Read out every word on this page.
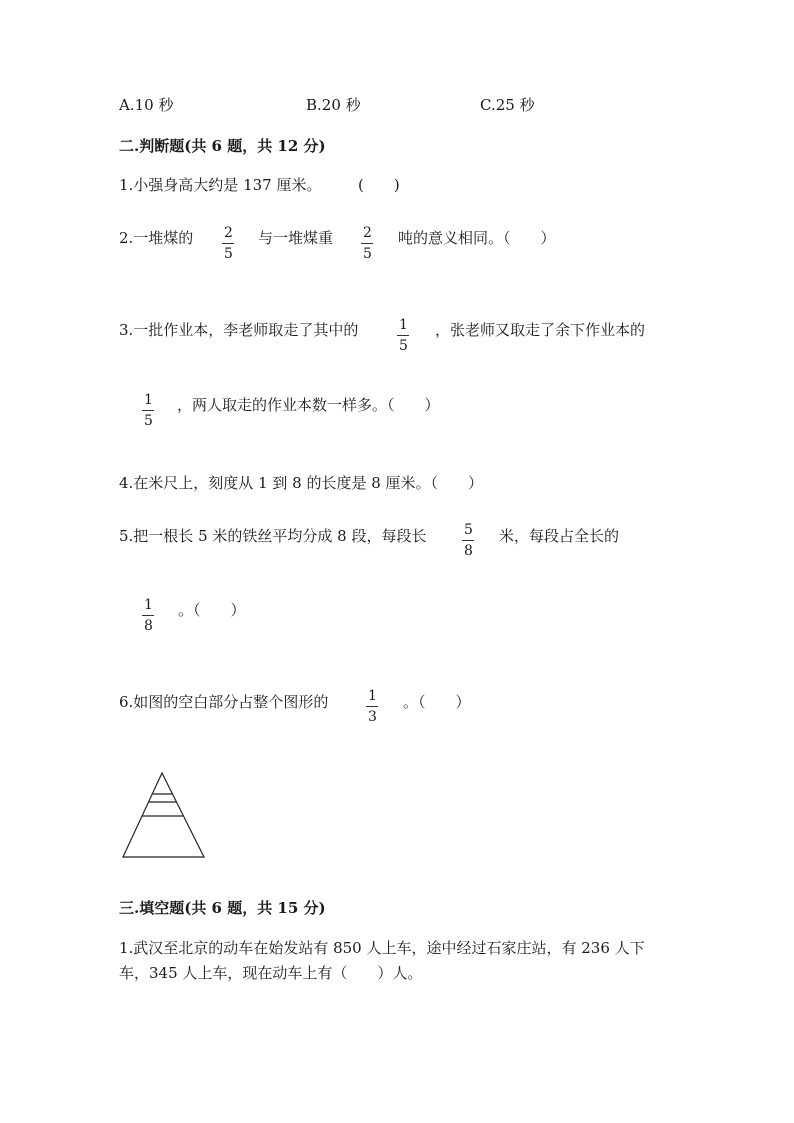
A.10 秒	B.20 秒	C.25 秒
二.判断题(共 6 题，共 12 分)
1.小强身高大约是 137 厘米。 (  )
2.一堆煤的 2
5
与一堆煤重 2
5
吨的意义相同。（  ）
3.一批作业本，李老师取走了其中的	1
5
，张老师又取走了余下作业本的
1
5
，两人取走的作业本数一样多。（  ）
4.在米尺上，刻度从 1 到 8 的长度是 8 厘米。（  ）
5.把一根长 5 米的铁丝平均分成 8 段，每段长	5
8
米，每段占全长的
1
8
。（  ）
6.如图的空白部分占整个图形的	1
3
。（  ）
三.填空题(共 6 题，共 15 分)
1.武汉至北京的动车在始发站有 850 人上车，途中经过石家庄站，有 236 人下
车，345 人上车，现在动车上有（  ）人。
